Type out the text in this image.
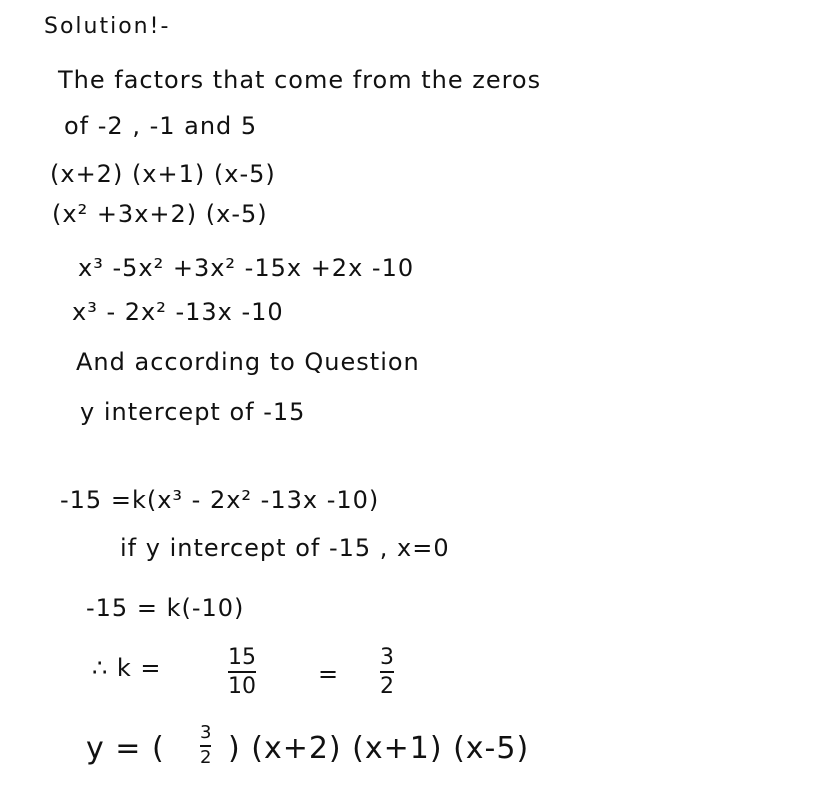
Solution!-
The factors that come from the zeros
of -2 , -1 and 5
(x+2) (x+1) (x-5)
(x² +3x+2) (x-5)
x³ -5x² +3x² -15x +2x -10
x³ - 2x² -13x -10
And according to Question
y intercept of -15
-15 =k(x³ - 2x² -13x -10)
if y intercept of -15 , x=0
-15 = k(-10)
∴ k =	15
10	=
3
2
y = ( 3
2 ) (x+2) (x+1) (x-5)
